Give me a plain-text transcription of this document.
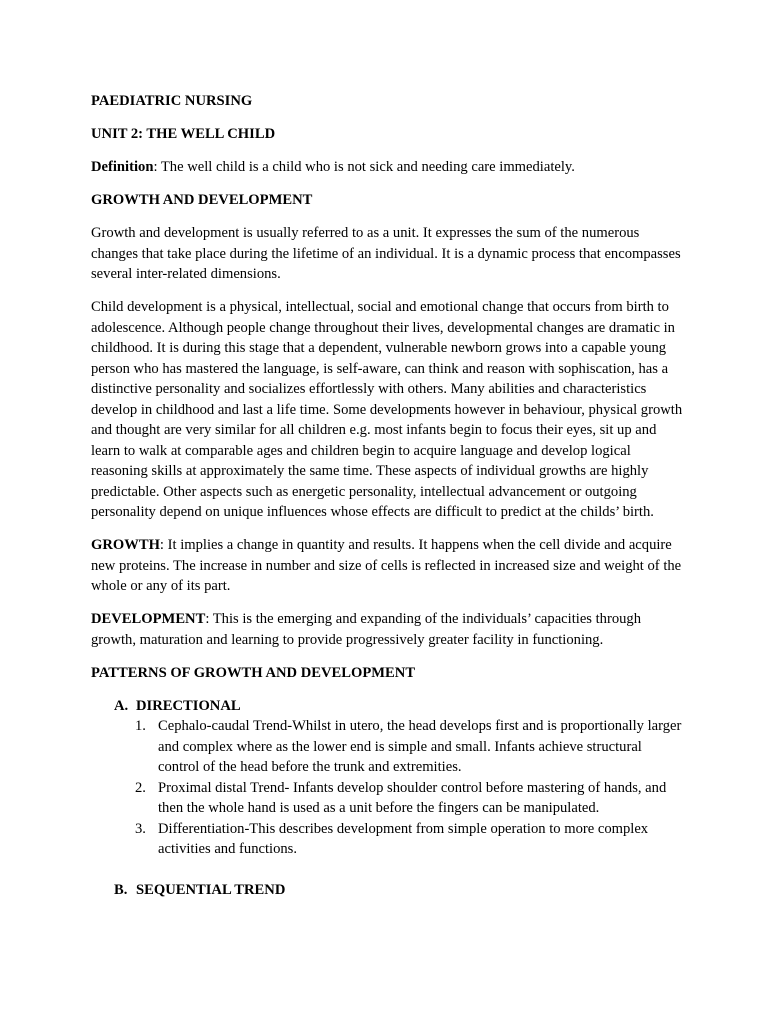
PAEDIATRIC NURSING
UNIT 2: THE WELL CHILD

Definition: The well child is a child who is not sick and needing care immediately.

GROWTH AND DEVELOPMENT

Growth and development is usually referred to as a unit. It expresses the sum of the numerous changes that take place during the lifetime of an individual. It is a dynamic process that encompasses several inter-related dimensions.

Child development is a physical, intellectual, social and emotional change that occurs from birth to adolescence. Although people change throughout their lives, developmental changes are dramatic in childhood. It is during this stage that a dependent, vulnerable newborn grows into a capable young person who has mastered the language, is self-aware, can think and reason with sophiscation, has a distinctive personality and socializes effortlessly with others. Many abilities and characteristics develop in childhood and last a life time. Some developments however in behaviour, physical growth and thought are very similar for all children e.g. most infants begin to focus their eyes, sit up and learn to walk at comparable ages and children begin to acquire language and develop logical reasoning skills at approximately the same time. These aspects of individual growths are highly predictable. Other aspects such as energetic personality, intellectual advancement or outgoing personality depend on unique influences whose effects are difficult to predict at the childs’ birth.

GROWTH: It implies a change in quantity and results. It happens when the cell divide and acquire new proteins. The increase in number and size of cells is reflected in increased size and weight of the whole or any of its part.

DEVELOPMENT: This is the emerging and expanding of the individuals’ capacities through growth, maturation and learning to provide progressively greater facility in functioning.

PATTERNS OF GROWTH AND DEVELOPMENT
A. DIRECTIONAL
1. Cephalo-caudal Trend-Whilst in utero, the head develops first and is proportionally larger and complex where as the lower end is simple and small. Infants achieve structural control of the head before the trunk and extremities.
2. Proximal distal Trend- Infants develop shoulder control before mastering of hands, and then the whole hand is used as a unit before the fingers can be manipulated.
3. Differentiation-This describes development from simple operation to more complex activities and functions.
B. SEQUENTIAL TREND
